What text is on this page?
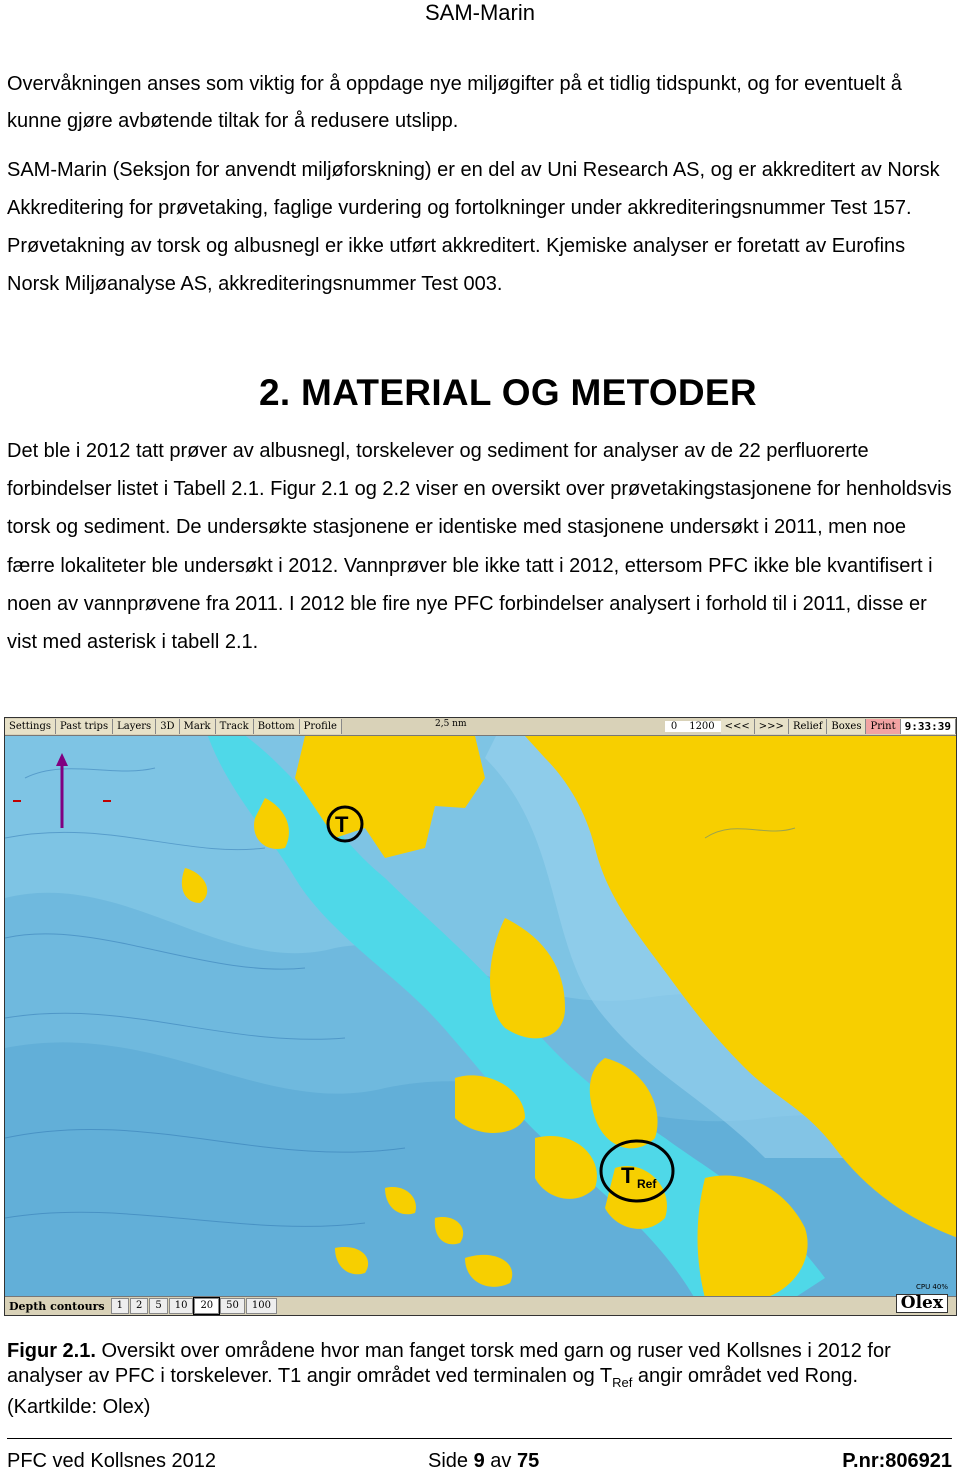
SAM-Marin

Overvåkningen anses som viktig for å oppdage nye miljøgifter på et tidlig tidspunkt, og for eventuelt å kunne gjøre avbøtende tiltak for å redusere utslipp.

SAM-Marin (Seksjon for anvendt miljøforskning) er en del av Uni Research AS, og er akkreditert av Norsk Akkreditering for prøvetaking, faglige vurdering og fortolkninger under akkrediteringsnummer Test 157. Prøvetakning av torsk og albusnegl er ikke utført akkreditert. Kjemiske analyser er foretatt av Eurofins Norsk Miljøanalyse AS, akkrediteringsnummer Test 003.

2. MATERIAL OG METODER

Det ble i 2012 tatt prøver av albusnegl, torskelever og sediment for analyser av de 22 perfluorerte forbindelser listet i Tabell 2.1. Figur 2.1 og 2.2 viser en oversikt over prøvetakingstasjonene for henholdsvis torsk og sediment. De undersøkte stasjonene er identiske med stasjonene undersøkt i 2011, men noe færre lokaliteter ble undersøkt i 2012. Vannprøver ble ikke tatt i 2012, ettersom PFC ikke ble kvantifisert i noen av vannprøvene fra 2011. I 2012 ble fire nye PFC forbindelser analysert i forhold til i 2011, disse er vist med asterisk i tabell 2.1.

T
T Ref
Settings Past trips Layers 3D Mark Track Bottom Profile	2,5 nm	0	1200	<<< >>> Relief Boxes Print 9:33:39
CPU 40%
Depth contours	1	2	5	10	20	50	100	Olex

Figur 2.1. Oversikt over områdene hvor man fanget torsk med garn og ruser ved Kollsnes i 2012 for analyser av PFC i torskelever. T1 angir området ved terminalen og $T_{Ref}$ angir området ved Rong. (Kartkilde: Olex)

PFC ved Kollsnes 2012	Side 9 av 75	P.nr:806921
